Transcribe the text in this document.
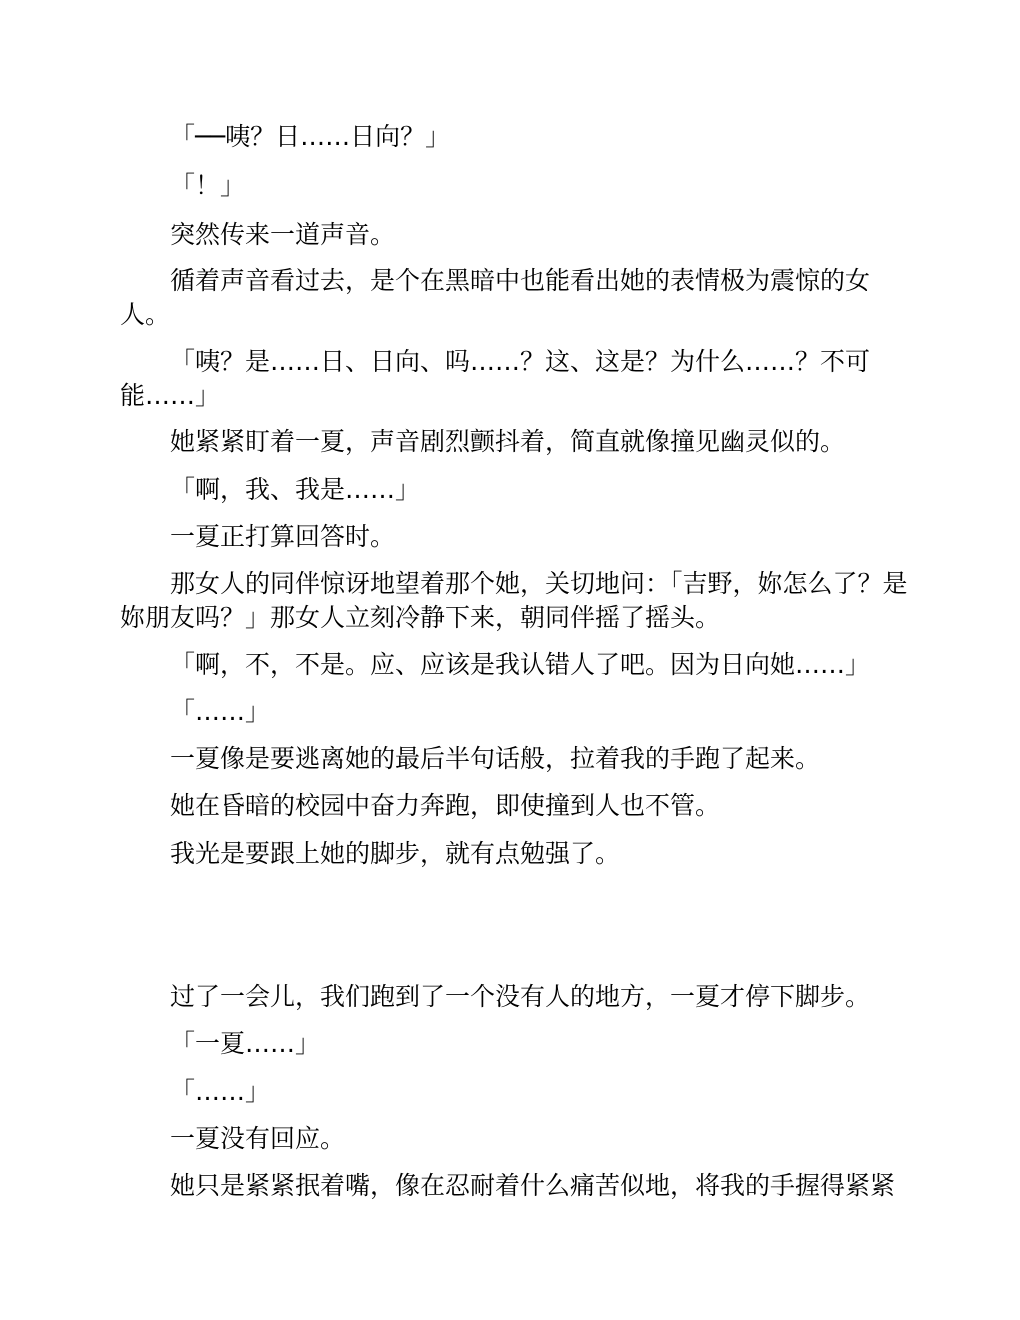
「──咦？日……日向？」

「！」

突然传来一道声音。

循着声音看过去，是个在黑暗中也能看出她的表情极为震惊的女人。

「咦？是……日、日向、吗……？这、这是？为什么……？不可能……」

她紧紧盯着一夏，声音剧烈颤抖着，简直就像撞见幽灵似的。

「啊，我、我是……」

一夏正打算回答时。

那女人的同伴惊讶地望着那个她，关切地问：「吉野，妳怎么了？是妳朋友吗？」那女人立刻冷静下来，朝同伴摇了摇头。

「啊，不，不是。应、应该是我认错人了吧。因为日向她……」

「……」

一夏像是要逃离她的最后半句话般，拉着我的手跑了起来。

她在昏暗的校园中奋力奔跑，即使撞到人也不管。

我光是要跟上她的脚步，就有点勉强了。

过了一会儿，我们跑到了一个没有人的地方，一夏才停下脚步。

「一夏……」

「……」

一夏没有回应。

她只是紧紧抿着嘴，像在忍耐着什么痛苦似地，将我的手握得紧紧
